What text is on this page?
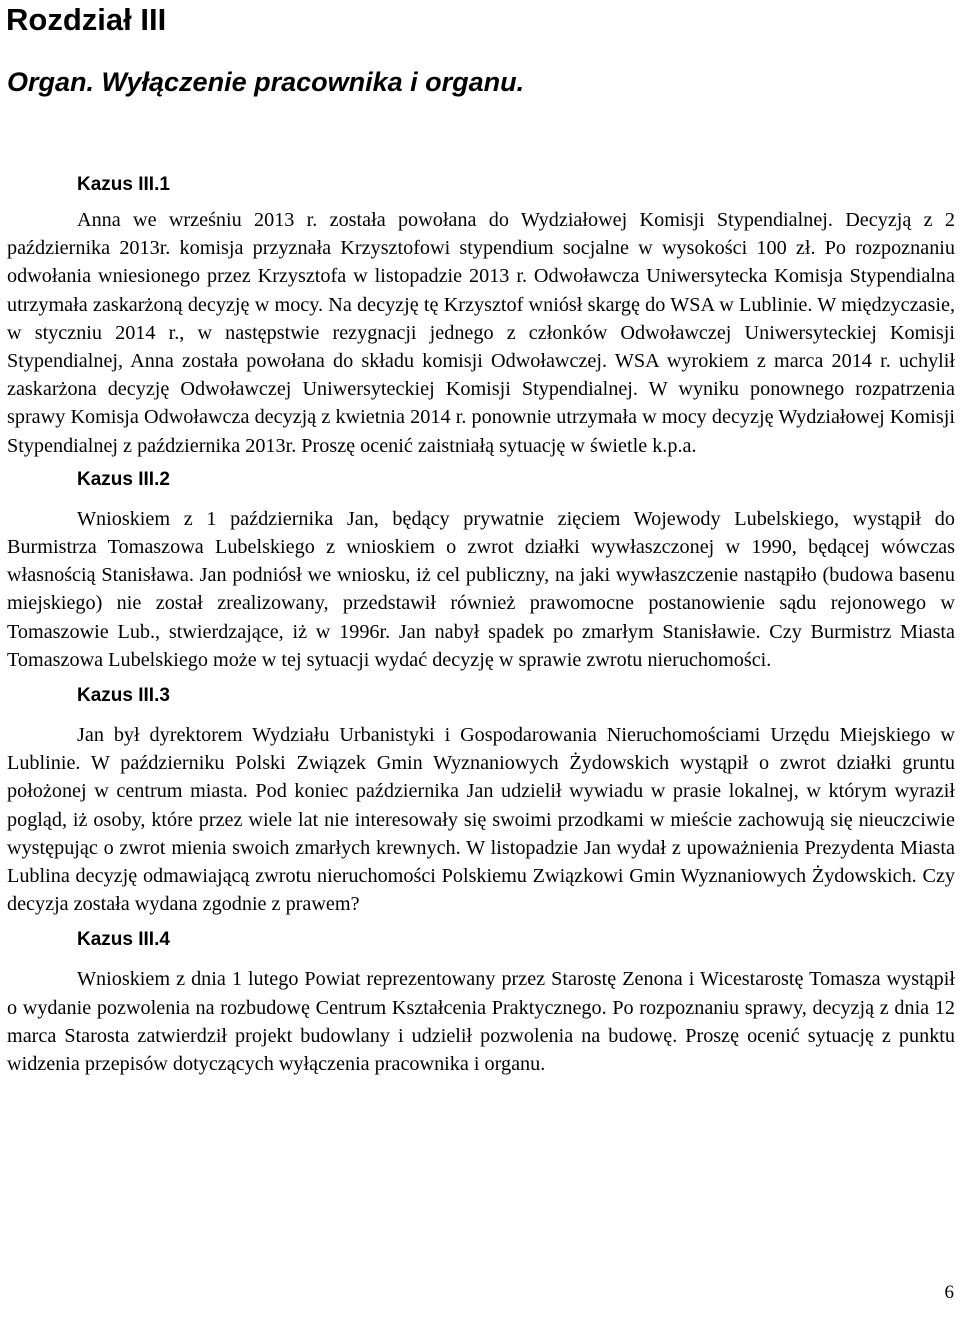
Rozdział III
Organ. Wyłączenie pracownika i organu.
Kazus III.1

Anna we wrześniu 2013 r. została powołana do Wydziałowej Komisji Stypendialnej. Decyzją z 2 października 2013r. komisja przyznała Krzysztofowi stypendium socjalne w wysokości 100 zł. Po rozpoznaniu odwołania wniesionego przez Krzysztofa w listopadzie 2013 r. Odwoławcza Uniwersytecka Komisja Stypendialna utrzymała zaskarżoną decyzję w mocy. Na decyzję tę Krzysztof wniósł skargę do WSA w Lublinie. W międzyczasie, w styczniu 2014 r., w następstwie rezygnacji jednego z członków Odwoławczej Uniwersyteckiej Komisji Stypendialnej, Anna została powołana do składu komisji Odwoławczej. WSA wyrokiem z marca 2014 r. uchylił zaskarżona decyzję Odwoławczej Uniwersyteckiej Komisji Stypendialnej. W wyniku ponownego rozpatrzenia sprawy Komisja Odwoławcza decyzją z kwietnia 2014 r. ponownie utrzymała w mocy decyzję Wydziałowej Komisji Stypendialnej z października 2013r. Proszę ocenić zaistniałą sytuację w świetle k.p.a.

Kazus III.2

Wnioskiem z 1 października Jan, będący prywatnie zięciem Wojewody Lubelskiego, wystąpił do Burmistrza Tomaszowa Lubelskiego z wnioskiem o zwrot działki wywłaszczonej w 1990, będącej wówczas własnością Stanisława. Jan podniósł we wniosku, iż cel publiczny, na jaki wywłaszczenie nastąpiło (budowa basenu miejskiego) nie został zrealizowany, przedstawił również prawomocne postanowienie sądu rejonowego w Tomaszowie Lub., stwierdzające, iż w 1996r. Jan nabył spadek po zmarłym Stanisławie. Czy Burmistrz Miasta Tomaszowa Lubelskiego może w tej sytuacji wydać decyzję w sprawie zwrotu nieruchomości.

Kazus III.3

Jan był dyrektorem Wydziału Urbanistyki i Gospodarowania Nieruchomościami Urzędu Miejskiego w Lublinie. W październiku Polski Związek Gmin Wyznaniowych Żydowskich wystąpił o zwrot działki gruntu położonej w centrum miasta. Pod koniec października Jan udzielił wywiadu w prasie lokalnej, w którym wyraził pogląd, iż osoby, które przez wiele lat nie interesowały się swoimi przodkami w mieście zachowują się nieuczciwie występując o zwrot mienia swoich zmarłych krewnych. W listopadzie Jan wydał z upoważnienia Prezydenta Miasta Lublina decyzję odmawiającą zwrotu nieruchomości Polskiemu Związkowi Gmin Wyznaniowych Żydowskich. Czy decyzja została wydana zgodnie z prawem?

Kazus III.4

Wnioskiem z dnia 1 lutego Powiat reprezentowany przez Starostę Zenona i Wicestarostę Tomasza wystąpił o wydanie pozwolenia na rozbudowę Centrum Kształcenia Praktycznego. Po rozpoznaniu sprawy, decyzją z dnia 12 marca Starosta zatwierdził projekt budowlany i udzielił pozwolenia na budowę. Proszę ocenić sytuację z punktu widzenia przepisów dotyczących wyłączenia pracownika i organu.

6
